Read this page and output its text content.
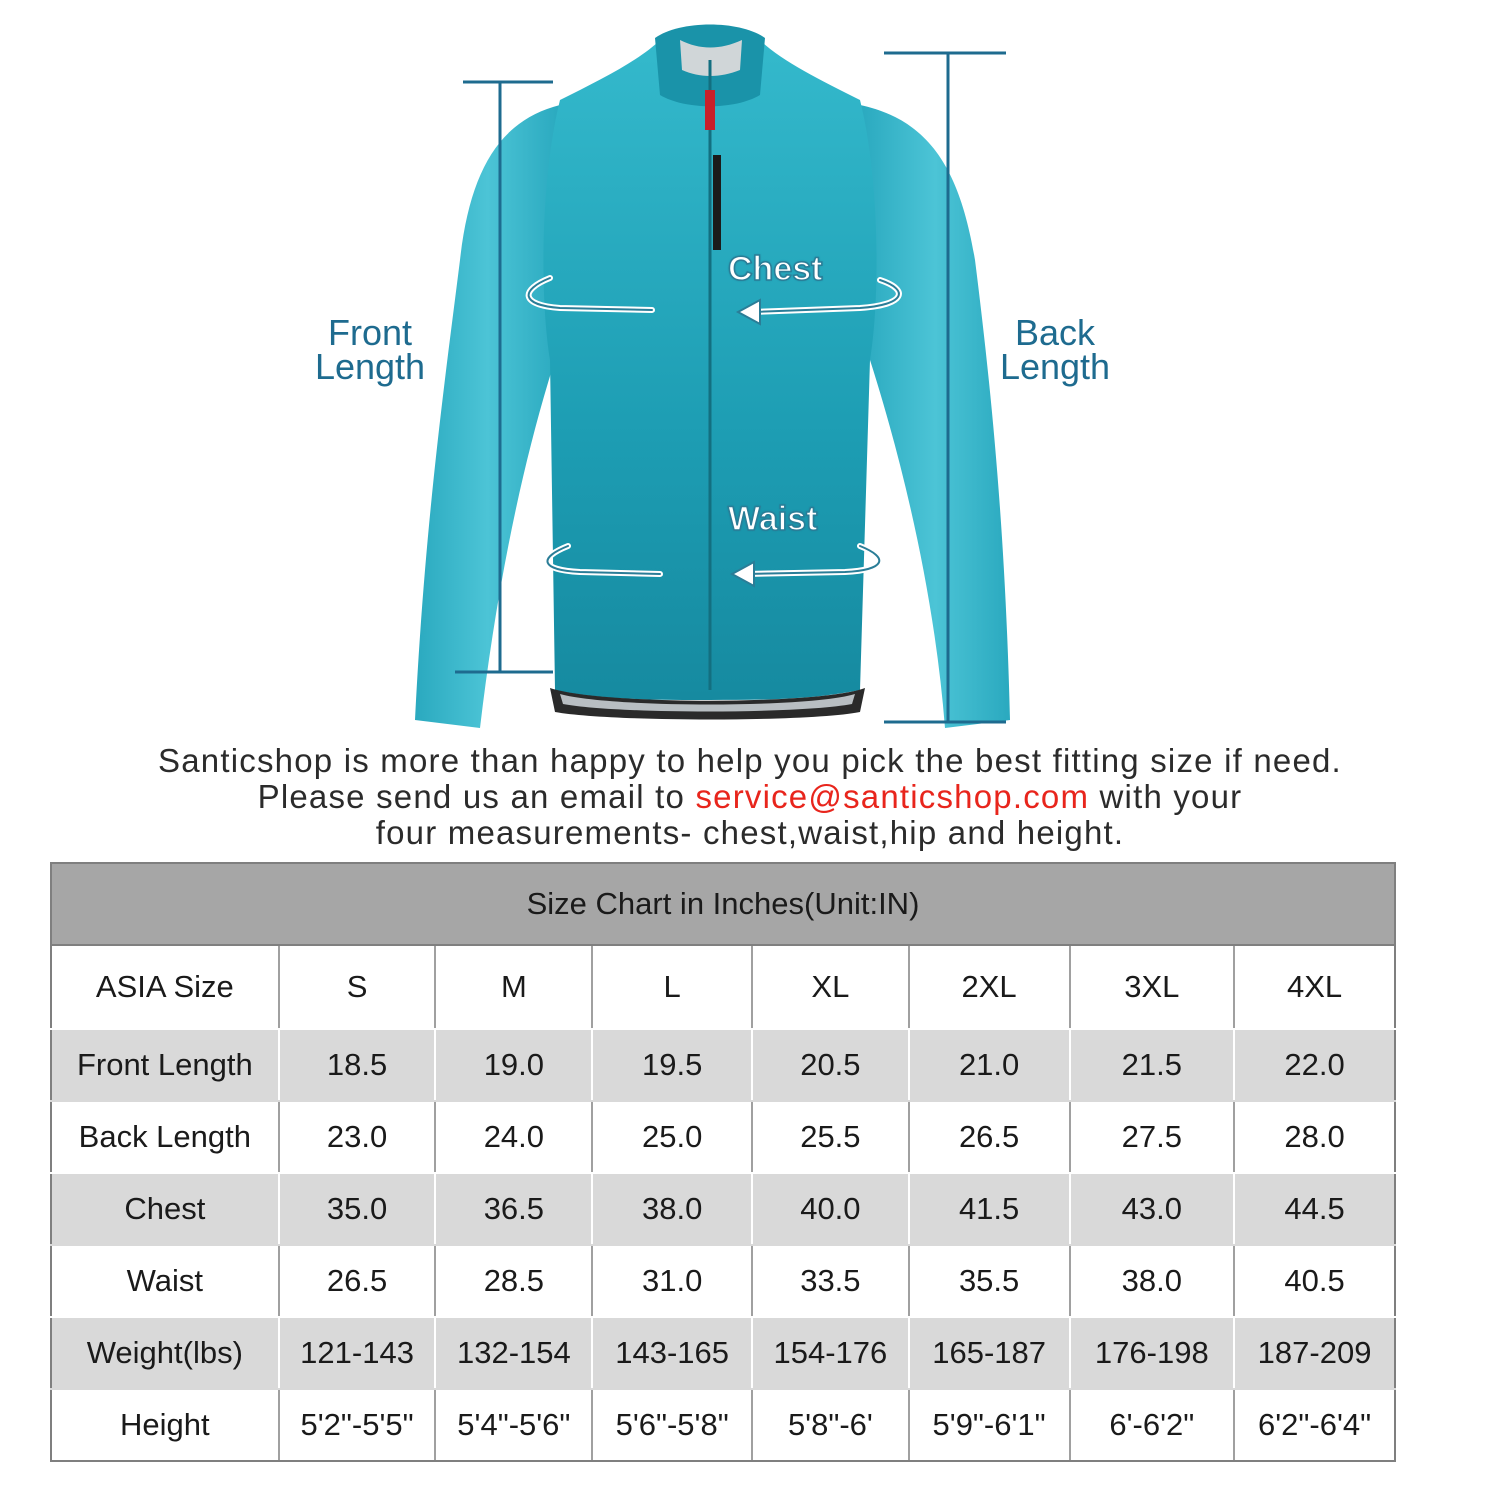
Front
Length
Back
Length
Chest
Waist
Santicshop is more than happy to help you pick the best fitting size if need.
Please send us an email to service@santicshop.com with your
four measurements- chest,waist,hip and height.
Size Chart in Inches(Unit:IN)							
ASIA Size	S	M	L	XL	2XL	3XL	4XL
Front Length	18.5	19.0	19.5	20.5	21.0	21.5	22.0
Back Length	23.0	24.0	25.0	25.5	26.5	27.5	28.0
Chest	35.0	36.5	38.0	40.0	41.5	43.0	44.5
Waist	26.5	28.5	31.0	33.5	35.5	38.0	40.5
Weight(lbs)	121-143	132-154	143-165	154-176	165-187	176-198	187-209
Height	5'2"-5'5"	5'4"-5'6"	5'6"-5'8"	5'8"-6'	5'9"-6'1"	6'-6'2"	6'2"-6'4"
